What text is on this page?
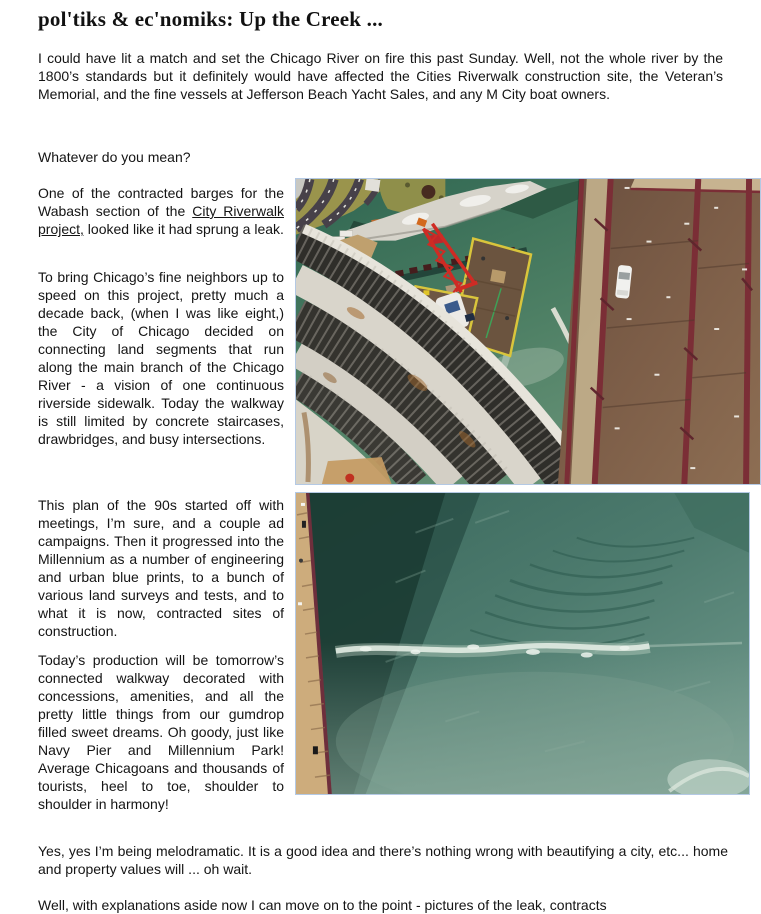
pol'tiks & ec'nomiks: Up the Creek ...

I could have lit a match and set the Chicago River on fire this past Sunday. Well, not the whole river by the 1800’s standards but it definitely would have affected the Cities Riverwalk construction site, the Veteran’s Memorial, and the fine vessels at Jefferson Beach Yacht Sales, and any M City boat owners.

Whatever do you mean?

One of the contracted barges for the Wabash section of the City Riverwalk project, looked like it had sprung a leak.

To bring Chicago’s fine neighbors up to speed on this project, pretty much a decade back, (when I was like eight,) the City of Chicago decided on connecting land segments that run along the main branch of the Chicago River - a vision of one continuous riverside sidewalk. Today the walkway is still limited by concrete staircases, drawbridges, and busy intersections.

This plan of the 90s started off with meetings, I’m sure, and a couple ad campaigns. Then it progressed into the Millennium as a number of engineering and urban blue prints, to a bunch of various land surveys and tests, and to what it is now, contracted sites of construction.

Today’s production will be tomorrow’s connected walkway decorated with concessions, amenities, and all the pretty little things from our gumdrop filled sweet dreams. Oh goody, just like Navy Pier and Millennium Park! Average Chicagoans and thousands of tourists, heel to toe, shoulder to shoulder in harmony!

Yes, yes I’m being melodramatic. It is a good idea and there’s nothing wrong with beautifying a city, etc... home and property values will ... oh wait.

Well, with explanations aside now I can move on to the point - pictures of the leak, contracts
